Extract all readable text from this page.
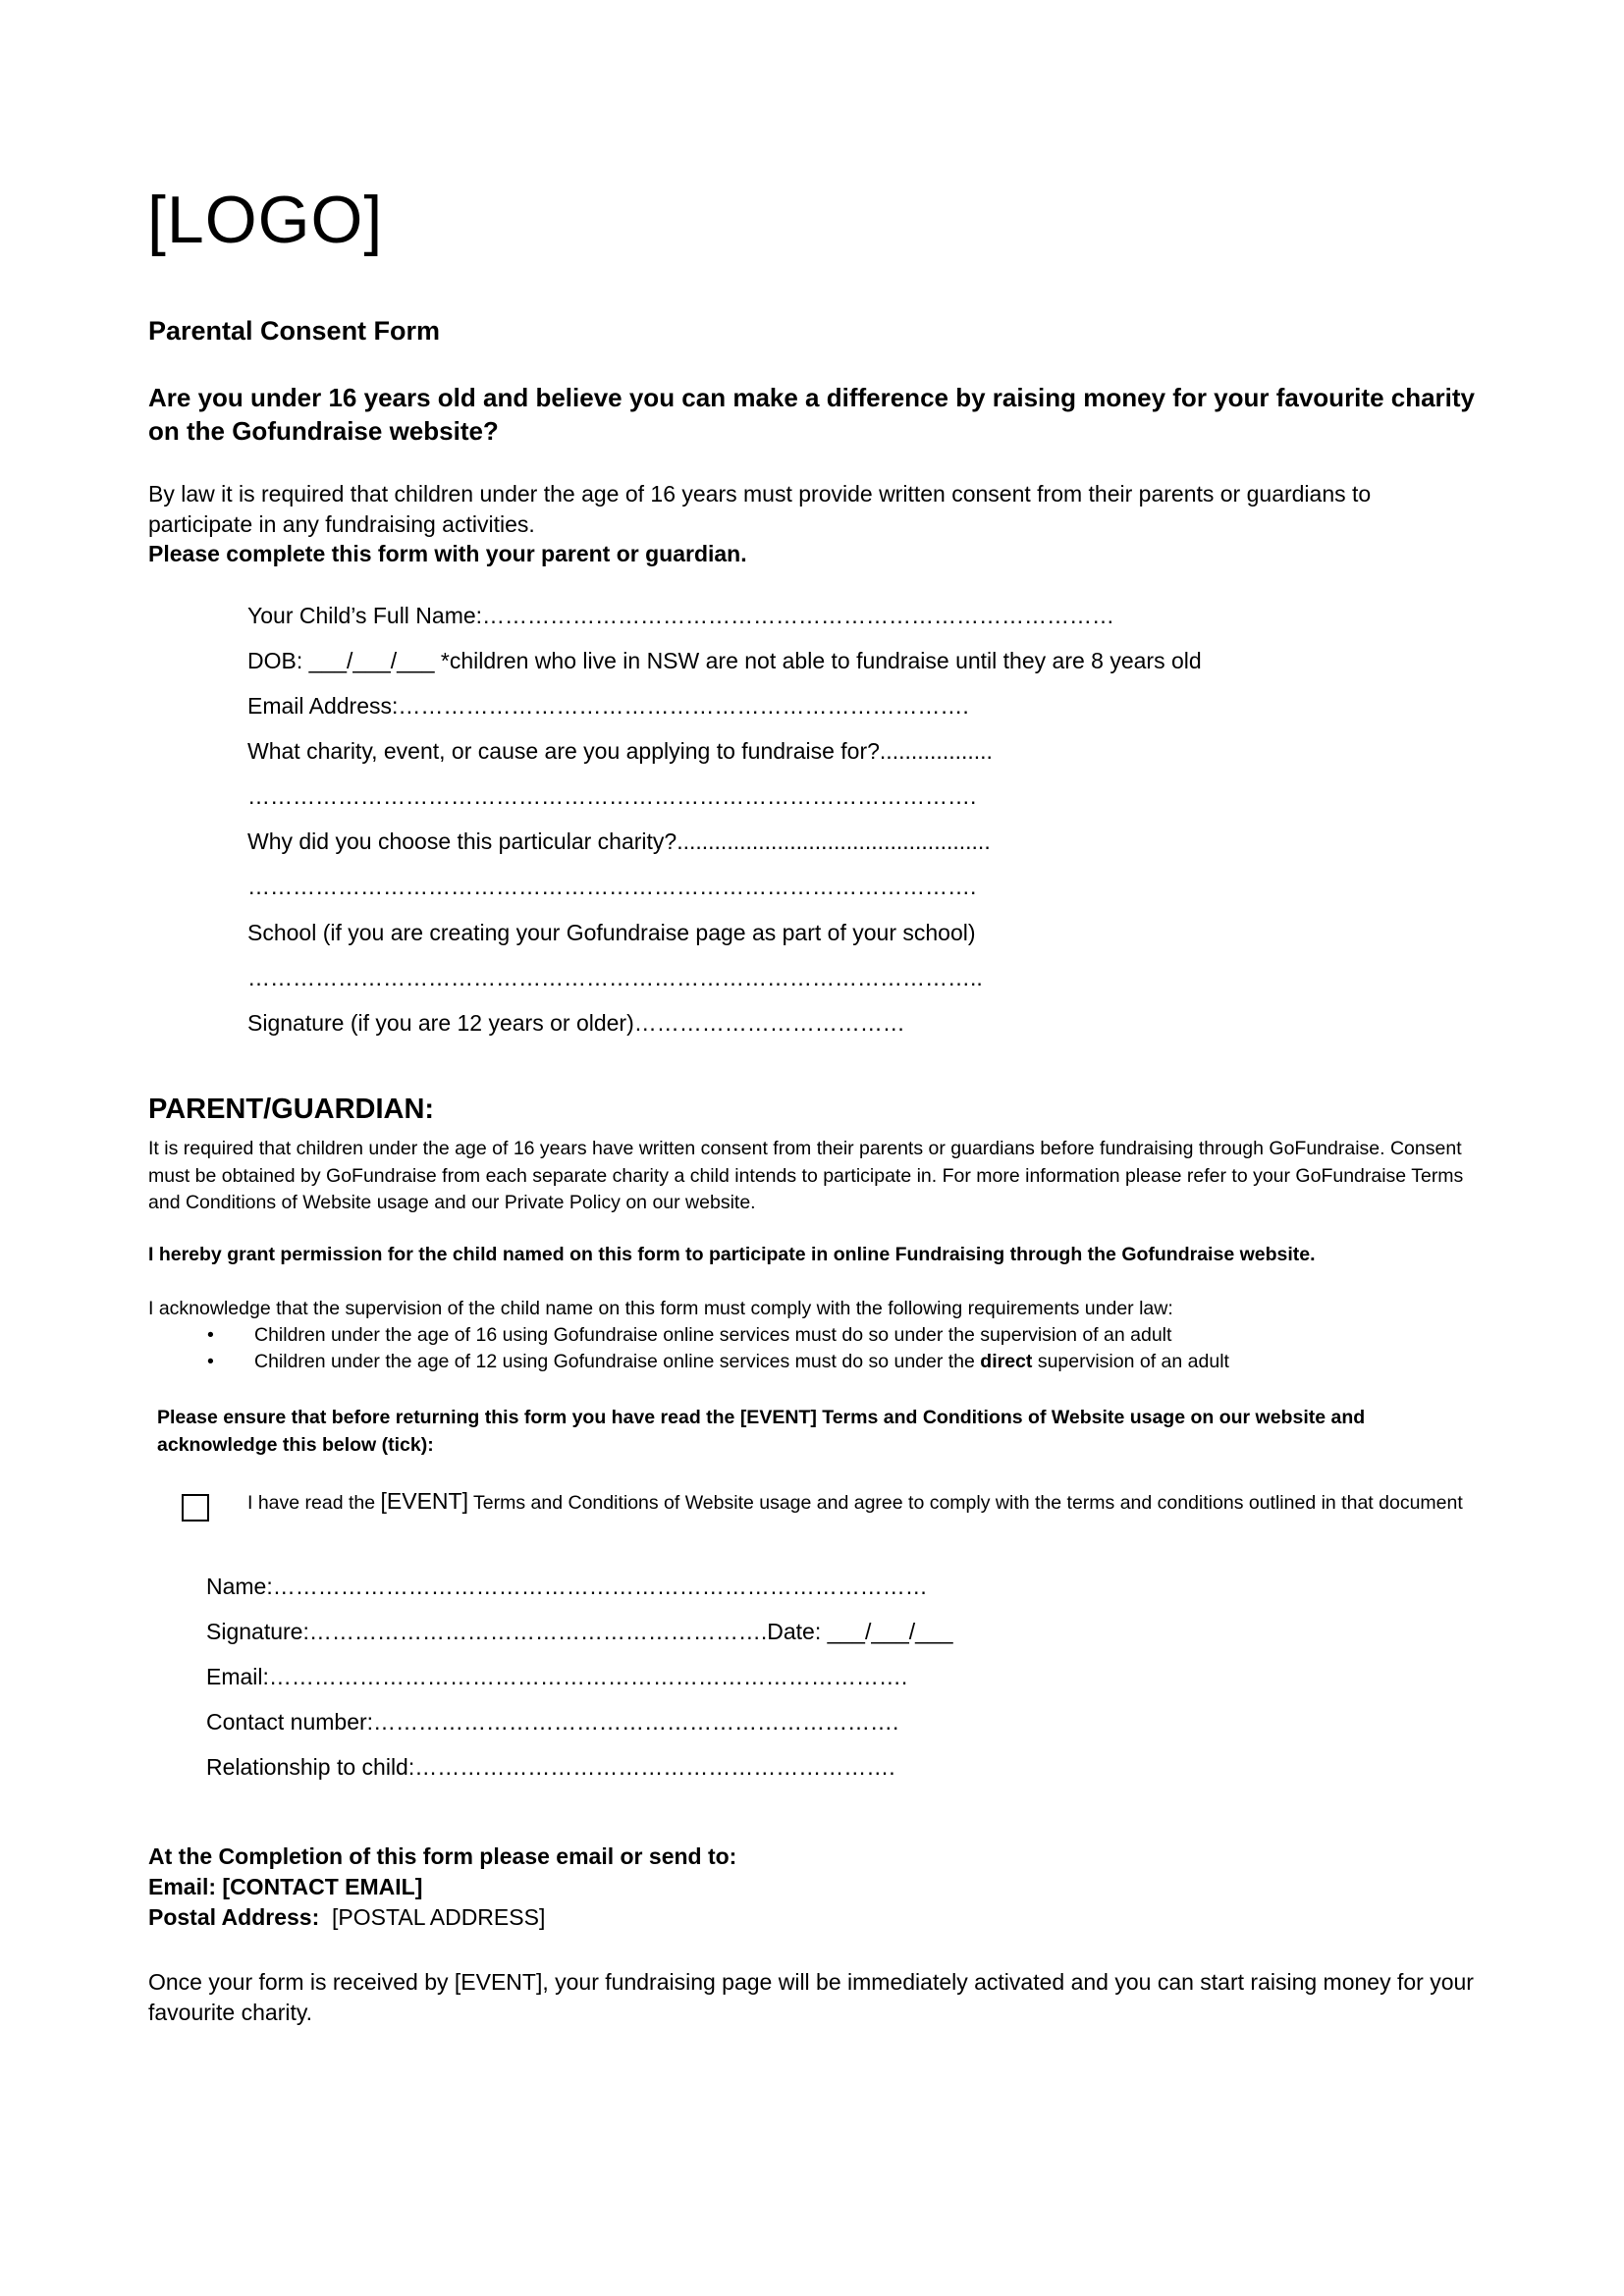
[LOGO]
Parental Consent Form
Are you under 16 years old and believe you can make a difference by raising money for your favourite charity on the Gofundraise website?
By law it is required that children under the age of 16 years must provide written consent from their parents or guardians to participate in any fundraising activities.
Please complete this form with your parent or guardian.
Your Child’s Full Name:…………………………………………………………………………
DOB: ___/___/___ *children who live in NSW are not able to fundraise until they are 8 years old
Email Address:………………………………………………………………….
What charity, event, or cause are you applying to fundraise for?..................
…………………………………………………………………………………….
Why did you choose this particular charity?..................................................
…………………………………………………………………………………….
School (if you are creating your Gofundraise page as part of your school)
……………………………………………………………………………………..
Signature (if you are 12 years or older)………………………………
PARENT/GUARDIAN:
It is required that children under the age of 16 years have written consent from their parents or guardians before fundraising through GoFundraise. Consent must be obtained by GoFundraise from each separate charity a child intends to participate in. For more information please refer to your GoFundraise Terms and Conditions of Website usage and our Private Policy on our website.
I hereby grant permission for the child named on this form to participate in online Fundraising through the Gofundraise website.
I acknowledge that the supervision of the child name on this form must comply with the following requirements under law:
• Children under the age of 16 using Gofundraise online services must do so under the supervision of an adult
• Children under the age of 12 using Gofundraise online services must do so under the direct supervision of an adult
Please ensure that before returning this form you have read the [EVENT] Terms and Conditions of Website usage on our website and acknowledge this below (tick):
I have read the [EVENT] Terms and Conditions of Website usage and agree to comply with the terms and conditions outlined in that document
Name:……………………………………………………………………………
Signature:…………………………………………………….Date: ___/___/___
Email:………………………………………………………………………….
Contact number:…………………………………………………………….
Relationship to child:……………………………………………………….
At the Completion of this form please email or send to:
Email: [CONTACT EMAIL]
Postal Address: [POSTAL ADDRESS]
Once your form is received by [EVENT], your fundraising page will be immediately activated and you can start raising money for your favourite charity.
